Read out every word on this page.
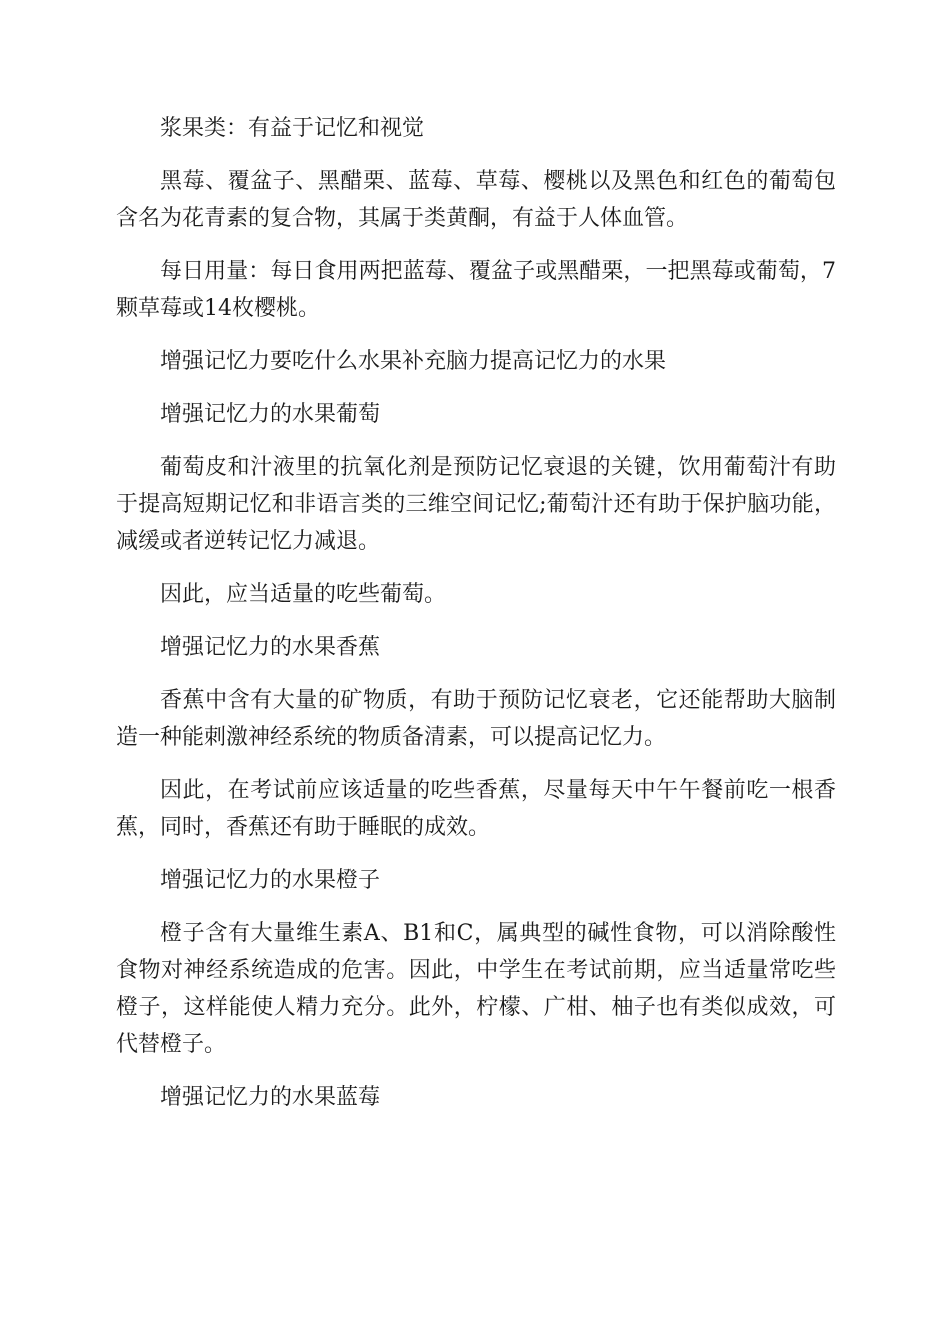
浆果类：有益于记忆和视觉

黑莓、覆盆子、黑醋栗、蓝莓、草莓、樱桃以及黑色和红色的葡萄包含名为花青素的复合物，其属于类黄酮，有益于人体血管。

每日用量：每日食用两把蓝莓、覆盆子或黑醋栗，一把黑莓或葡萄，7颗草莓或14枚樱桃。

增强记忆力要吃什么水果补充脑力提高记忆力的水果

增强记忆力的水果葡萄

葡萄皮和汁液里的抗氧化剂是预防记忆衰退的关键，饮用葡萄汁有助于提高短期记忆和非语言类的三维空间记忆;葡萄汁还有助于保护脑功能，减缓或者逆转记忆力减退。

因此，应当适量的吃些葡萄。

增强记忆力的水果香蕉

香蕉中含有大量的矿物质，有助于预防记忆衰老，它还能帮助大脑制造一种能刺激神经系统的物质备清素，可以提高记忆力。

因此，在考试前应该适量的吃些香蕉，尽量每天中午午餐前吃一根香蕉，同时，香蕉还有助于睡眠的成效。

增强记忆力的水果橙子

橙子含有大量维生素A、B1和C，属典型的碱性食物，可以消除酸性食物对神经系统造成的危害。因此，中学生在考试前期，应当适量常吃些橙子，这样能使人精力充分。此外，柠檬、广柑、柚子也有类似成效，可代替橙子。

增强记忆力的水果蓝莓
